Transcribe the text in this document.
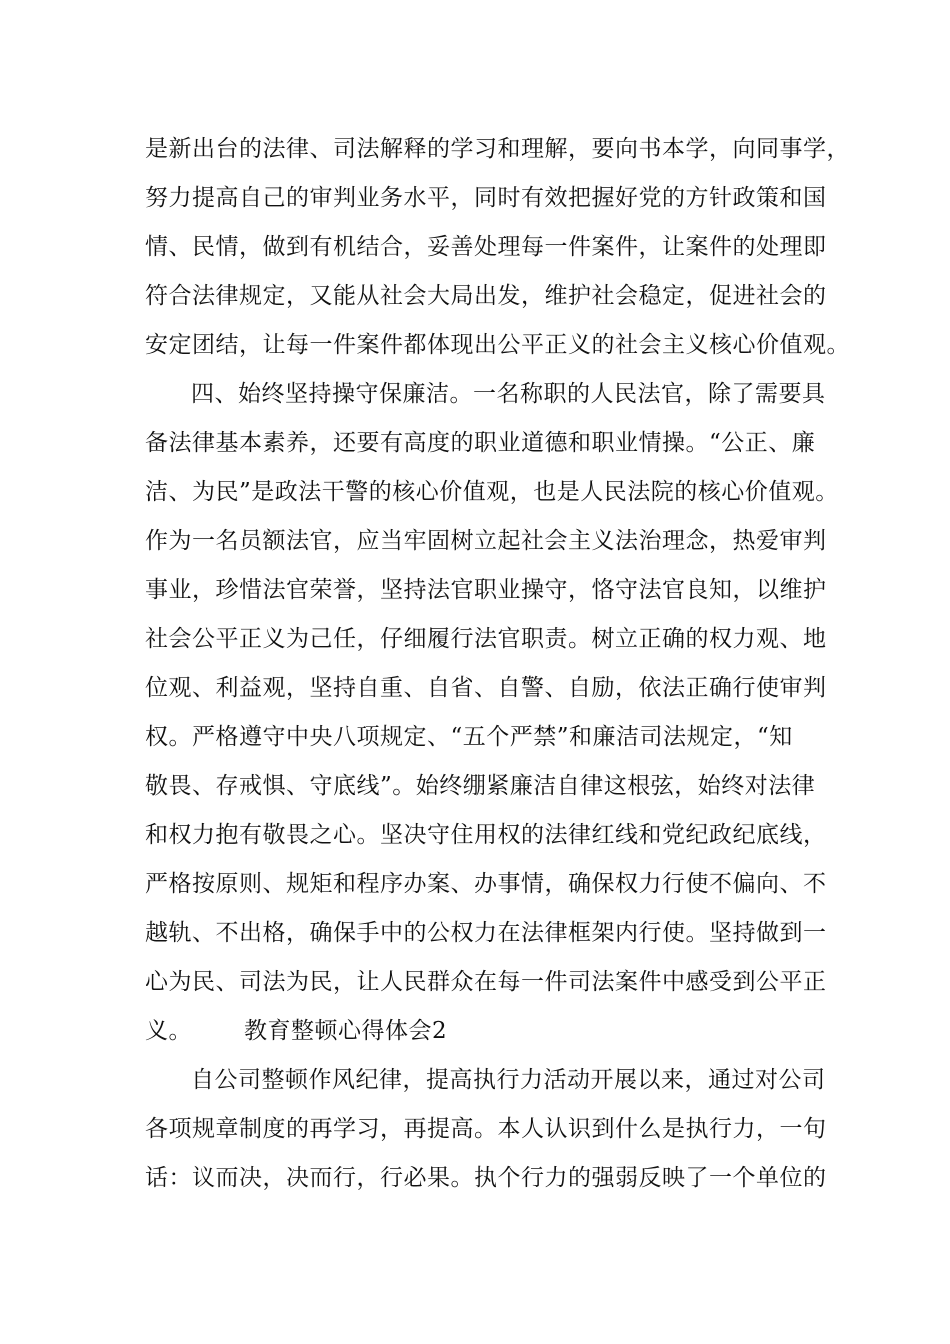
是新出台的法律、司法解释的学习和理解，要向书本学，向同事学，
努力提高自己的审判业务水平，同时有效把握好党的方针政策和国
情、民情，做到有机结合，妥善处理每一件案件，让案件的处理即
符合法律规定，又能从社会大局出发，维护社会稳定，促进社会的
安定团结，让每一件案件都体现出公平正义的社会主义核心价值观。
四、始终坚持操守保廉洁。一名称职的人民法官，除了需要具
备法律基本素养，还要有高度的职业道德和职业情操。“公正、廉
洁、为民”是政法干警的核心价值观，也是人民法院的核心价值观。
作为一名员额法官，应当牢固树立起社会主义法治理念，热爱审判
事业，珍惜法官荣誉，坚持法官职业操守，恪守法官良知，以维护
社会公平正义为己任，仔细履行法官职责。树立正确的权力观、地
位观、利益观，坚持自重、自省、自警、自励，依法正确行使审判
权。严格遵守中央八项规定、“五个严禁”和廉洁司法规定，“知
敬畏、存戒惧、守底线”。始终绷紧廉洁自律这根弦，始终对法律
和权力抱有敬畏之心。坚决守住用权的法律红线和党纪政纪底线，
严格按原则、规矩和程序办案、办事情，确保权力行使不偏向、不
越轨、不出格，确保手中的公权力在法律框架内行使。坚持做到一
心为民、司法为民，让人民群众在每一件司法案件中感受到公平正
义。 教育整顿心得体会2
自公司整顿作风纪律，提高执行力活动开展以来，通过对公司
各项规章制度的再学习，再提高。本人认识到什么是执行力，一句
话：议而决，决而行，行必果。执个行力的强弱反映了一个单位的
